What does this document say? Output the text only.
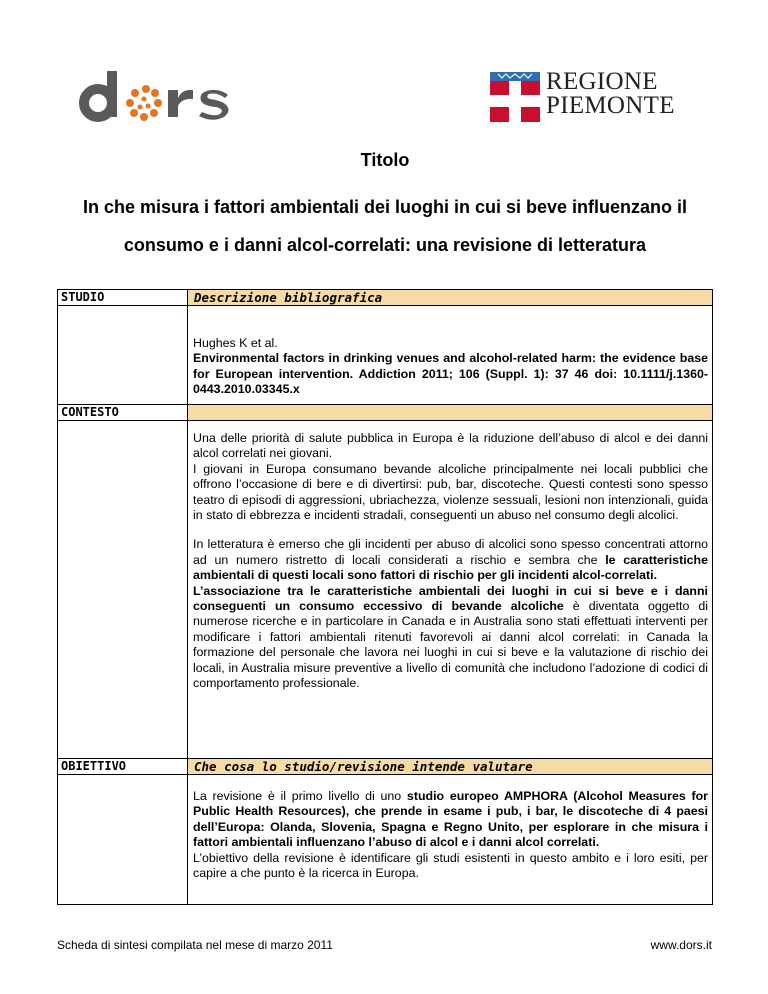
REGIONE
PIEMONTE
Titolo
In che misura i fattori ambientali dei luoghi in cui si beve influenzano il consumo e i danni alcol-correlati: una revisione di letteratura
STUDIO	Descrizione bibliografica
Hughes K et al.
Environmental factors in drinking venues and alcohol-related harm: the evidence base for European intervention. Addiction 2011; 106 (Suppl. 1): 37 46 doi: 10.1111/j.1360-0443.2010.03345.x
CONTESTO
Una delle priorità di salute pubblica in Europa è la riduzione dell’abuso di alcol e dei danni alcol correlati nei giovani.
I giovani in Europa consumano bevande alcoliche principalmente nei locali pubblici che offrono l’occasione di bere e di divertirsi: pub, bar, discoteche. Questi contesti sono spesso teatro di episodi di aggressioni, ubriachezza, violenze sessuali, lesioni non intenzionali, guida in stato di ebbrezza e incidenti stradali, conseguenti un abuso nel consumo degli alcolici.
In letteratura è emerso che gli incidenti per abuso di alcolici sono spesso concentrati attorno ad un numero ristretto di locali considerati a rischio e sembra che le caratteristiche ambientali di questi locali sono fattori di rischio per gli incidenti alcol-correlati.
L’associazione tra le caratteristiche ambientali dei luoghi in cui si beve e i danni conseguenti un consumo eccessivo di bevande alcoliche è diventata oggetto di numerose ricerche e in particolare in Canada e in Australia sono stati effettuati interventi per modificare i fattori ambientali ritenuti favorevoli ai danni alcol correlati: in Canada la formazione del personale che lavora nei luoghi in cui si beve e la valutazione di rischio dei locali, in Australia misure preventive a livello di comunità che includono l’adozione di codici di comportamento professionale.
OBIETTIVO	Che cosa lo studio/revisione intende valutare
La revisione è il primo livello di uno studio europeo AMPHORA (Alcohol Measures for Public Health Resources), che prende in esame i pub, i bar, le discoteche di 4 paesi dell’Europa: Olanda, Slovenia, Spagna e Regno Unito, per esplorare in che misura i fattori ambientali influenzano l’abuso di alcol e i danni alcol correlati.
L’obiettivo della revisione è identificare gli studi esistenti in questo ambito e i loro esiti, per capire a che punto è la ricerca in Europa.
Scheda di sintesi compilata nel mese di marzo 2011	www.dors.it
